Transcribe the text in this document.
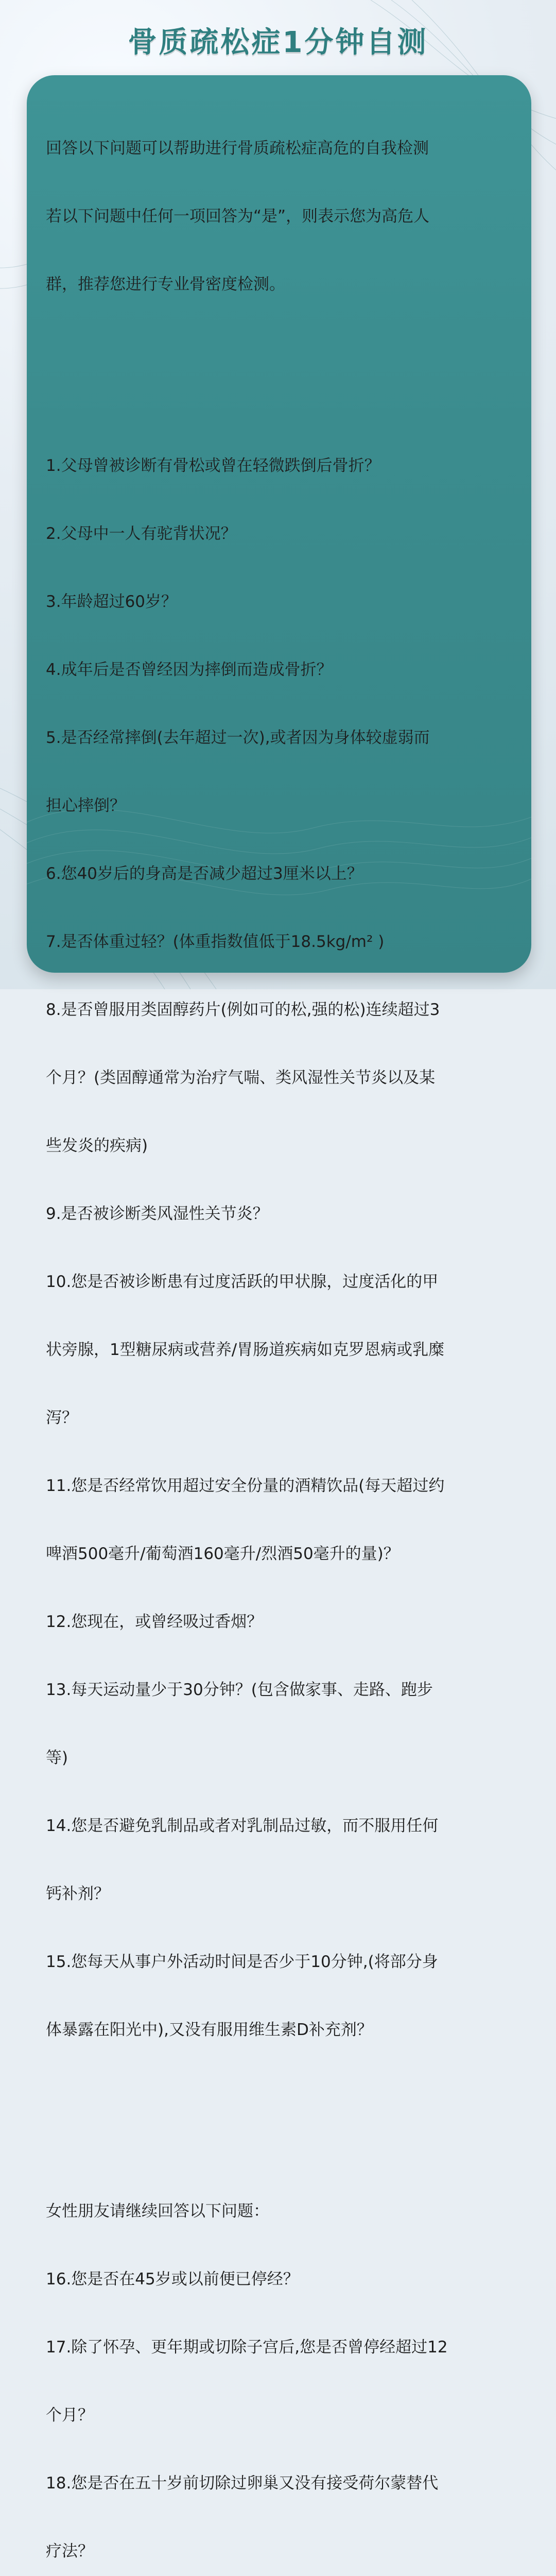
骨质疏松症1分钟自测

回答以下问题可以帮助进行骨质疏松症高危的自我检测

若以下问题中任何一项回答为“是”，则表示您为高危人

群，推荐您进行专业骨密度检测。

1.父母曾被诊断有骨松或曾在轻微跌倒后骨折？

2.父母中一人有驼背状况？

3.年龄超过60岁？

4.成年后是否曾经因为摔倒而造成骨折？

5.是否经常摔倒(去年超过一次),或者因为身体较虚弱而

担心摔倒？

6.您40岁后的身高是否减少超过3厘米以上？

7.是否体重过轻？(体重指数值低于18.5kg/m² )

8.是否曾服用类固醇药片(例如可的松,强的松)连续超过3

个月？(类固醇通常为治疗气喘、类风湿性关节炎以及某

些发炎的疾病)

9.是否被诊断类风湿性关节炎？

10.您是否被诊断患有过度活跃的甲状腺，过度活化的甲

状旁腺，1型糖尿病或营养/胃肠道疾病如克罗恩病或乳糜

泻？

11.您是否经常饮用超过安全份量的酒精饮品(每天超过约

啤酒500毫升/葡萄酒160毫升/烈酒50毫升的量)？

12.您现在，或曾经吸过香烟？

13.每天运动量少于30分钟？(包含做家事、走路、跑步

等)

14.您是否避免乳制品或者对乳制品过敏，而不服用任何

钙补剂？

15.您每天从事户外活动时间是否少于10分钟,(将部分身

体暴露在阳光中),又没有服用维生素D补充剂？

女性朋友请继续回答以下问题：

16.您是否在45岁或以前便已停经？

17.除了怀孕、更年期或切除子宫后,您是否曾停经超过12

个月？

18.您是否在五十岁前切除过卵巢又没有接受荷尔蒙替代

疗法？
